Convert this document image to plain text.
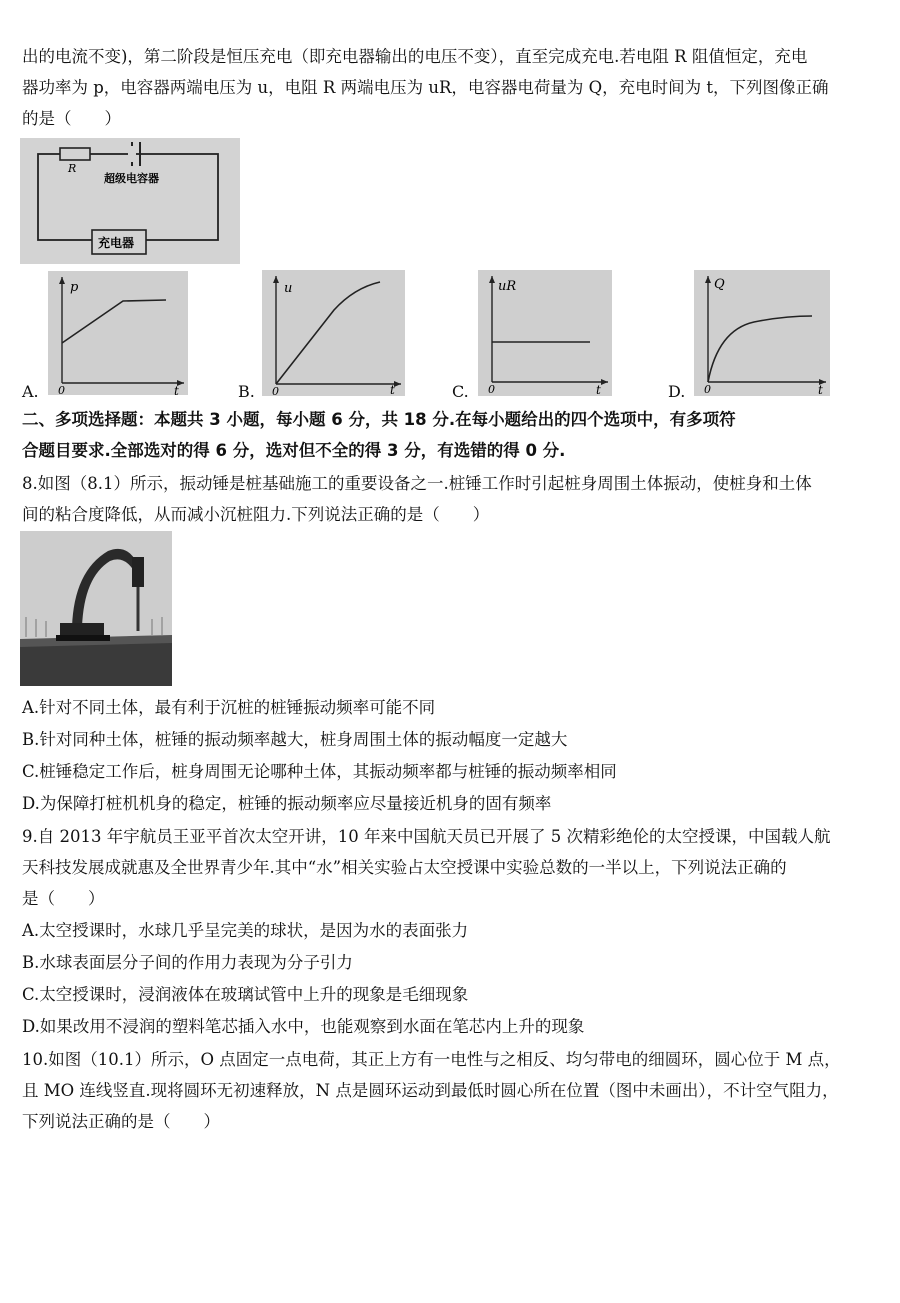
出的电流不变)，第二阶段是恒压充电（即充电器输出的电压不变），直至完成充电.若电阻 R 阻值恒定，充电
器功率为 p，电容器两端电压为 u，电阻 R 两端电压为 uR，电容器电荷量为 Q，充电时间为 t，下列图像正确
的是（　　）
R
超级电容器
充电器
A.
p
0	t	B.
u
0	t	C.
uR
0	t	D.
Q
0	t
二、多项选择题：本题共 3 小题，每小题 6 分，共 18 分.在每小题给出的四个选项中，有多项符
合题目要求.全部选对的得 6 分，选对但不全的得 3 分，有选错的得 0 分.
8.如图（8.1）所示，振动锤是桩基础施工的重要设备之一.桩锤工作时引起桩身周围土体振动，使桩身和土体
间的粘合度降低，从而减小沉桩阻力.下列说法正确的是（　　）
A.针对不同土体，最有利于沉桩的桩锤振动频率可能不同
B.针对同种土体，桩锤的振动频率越大，桩身周围土体的振动幅度一定越大
C.桩锤稳定工作后，桩身周围无论哪种土体，其振动频率都与桩锤的振动频率相同
D.为保障打桩机机身的稳定，桩锤的振动频率应尽量接近机身的固有频率
9.自 2013 年宇航员王亚平首次太空开讲，10 年来中国航天员已开展了 5 次精彩绝伦的太空授课，中国载人航
天科技发展成就惠及全世界青少年.其中“水”相关实验占太空授课中实验总数的一半以上，下列说法正确的
是（　　）
A.太空授课时，水球几乎呈完美的球状，是因为水的表面张力
B.水球表面层分子间的作用力表现为分子引力
C.太空授课时，浸润液体在玻璃试管中上升的现象是毛细现象
D.如果改用不浸润的塑料笔芯插入水中，也能观察到水面在笔芯内上升的现象
10.如图（10.1）所示，O 点固定一点电荷，其正上方有一电性与之相反、均匀带电的细圆环，圆心位于 M 点，
且 MO 连线竖直.现将圆环无初速释放，N 点是圆环运动到最低时圆心所在位置（图中未画出），不计空气阻力，
下列说法正确的是（　　）
